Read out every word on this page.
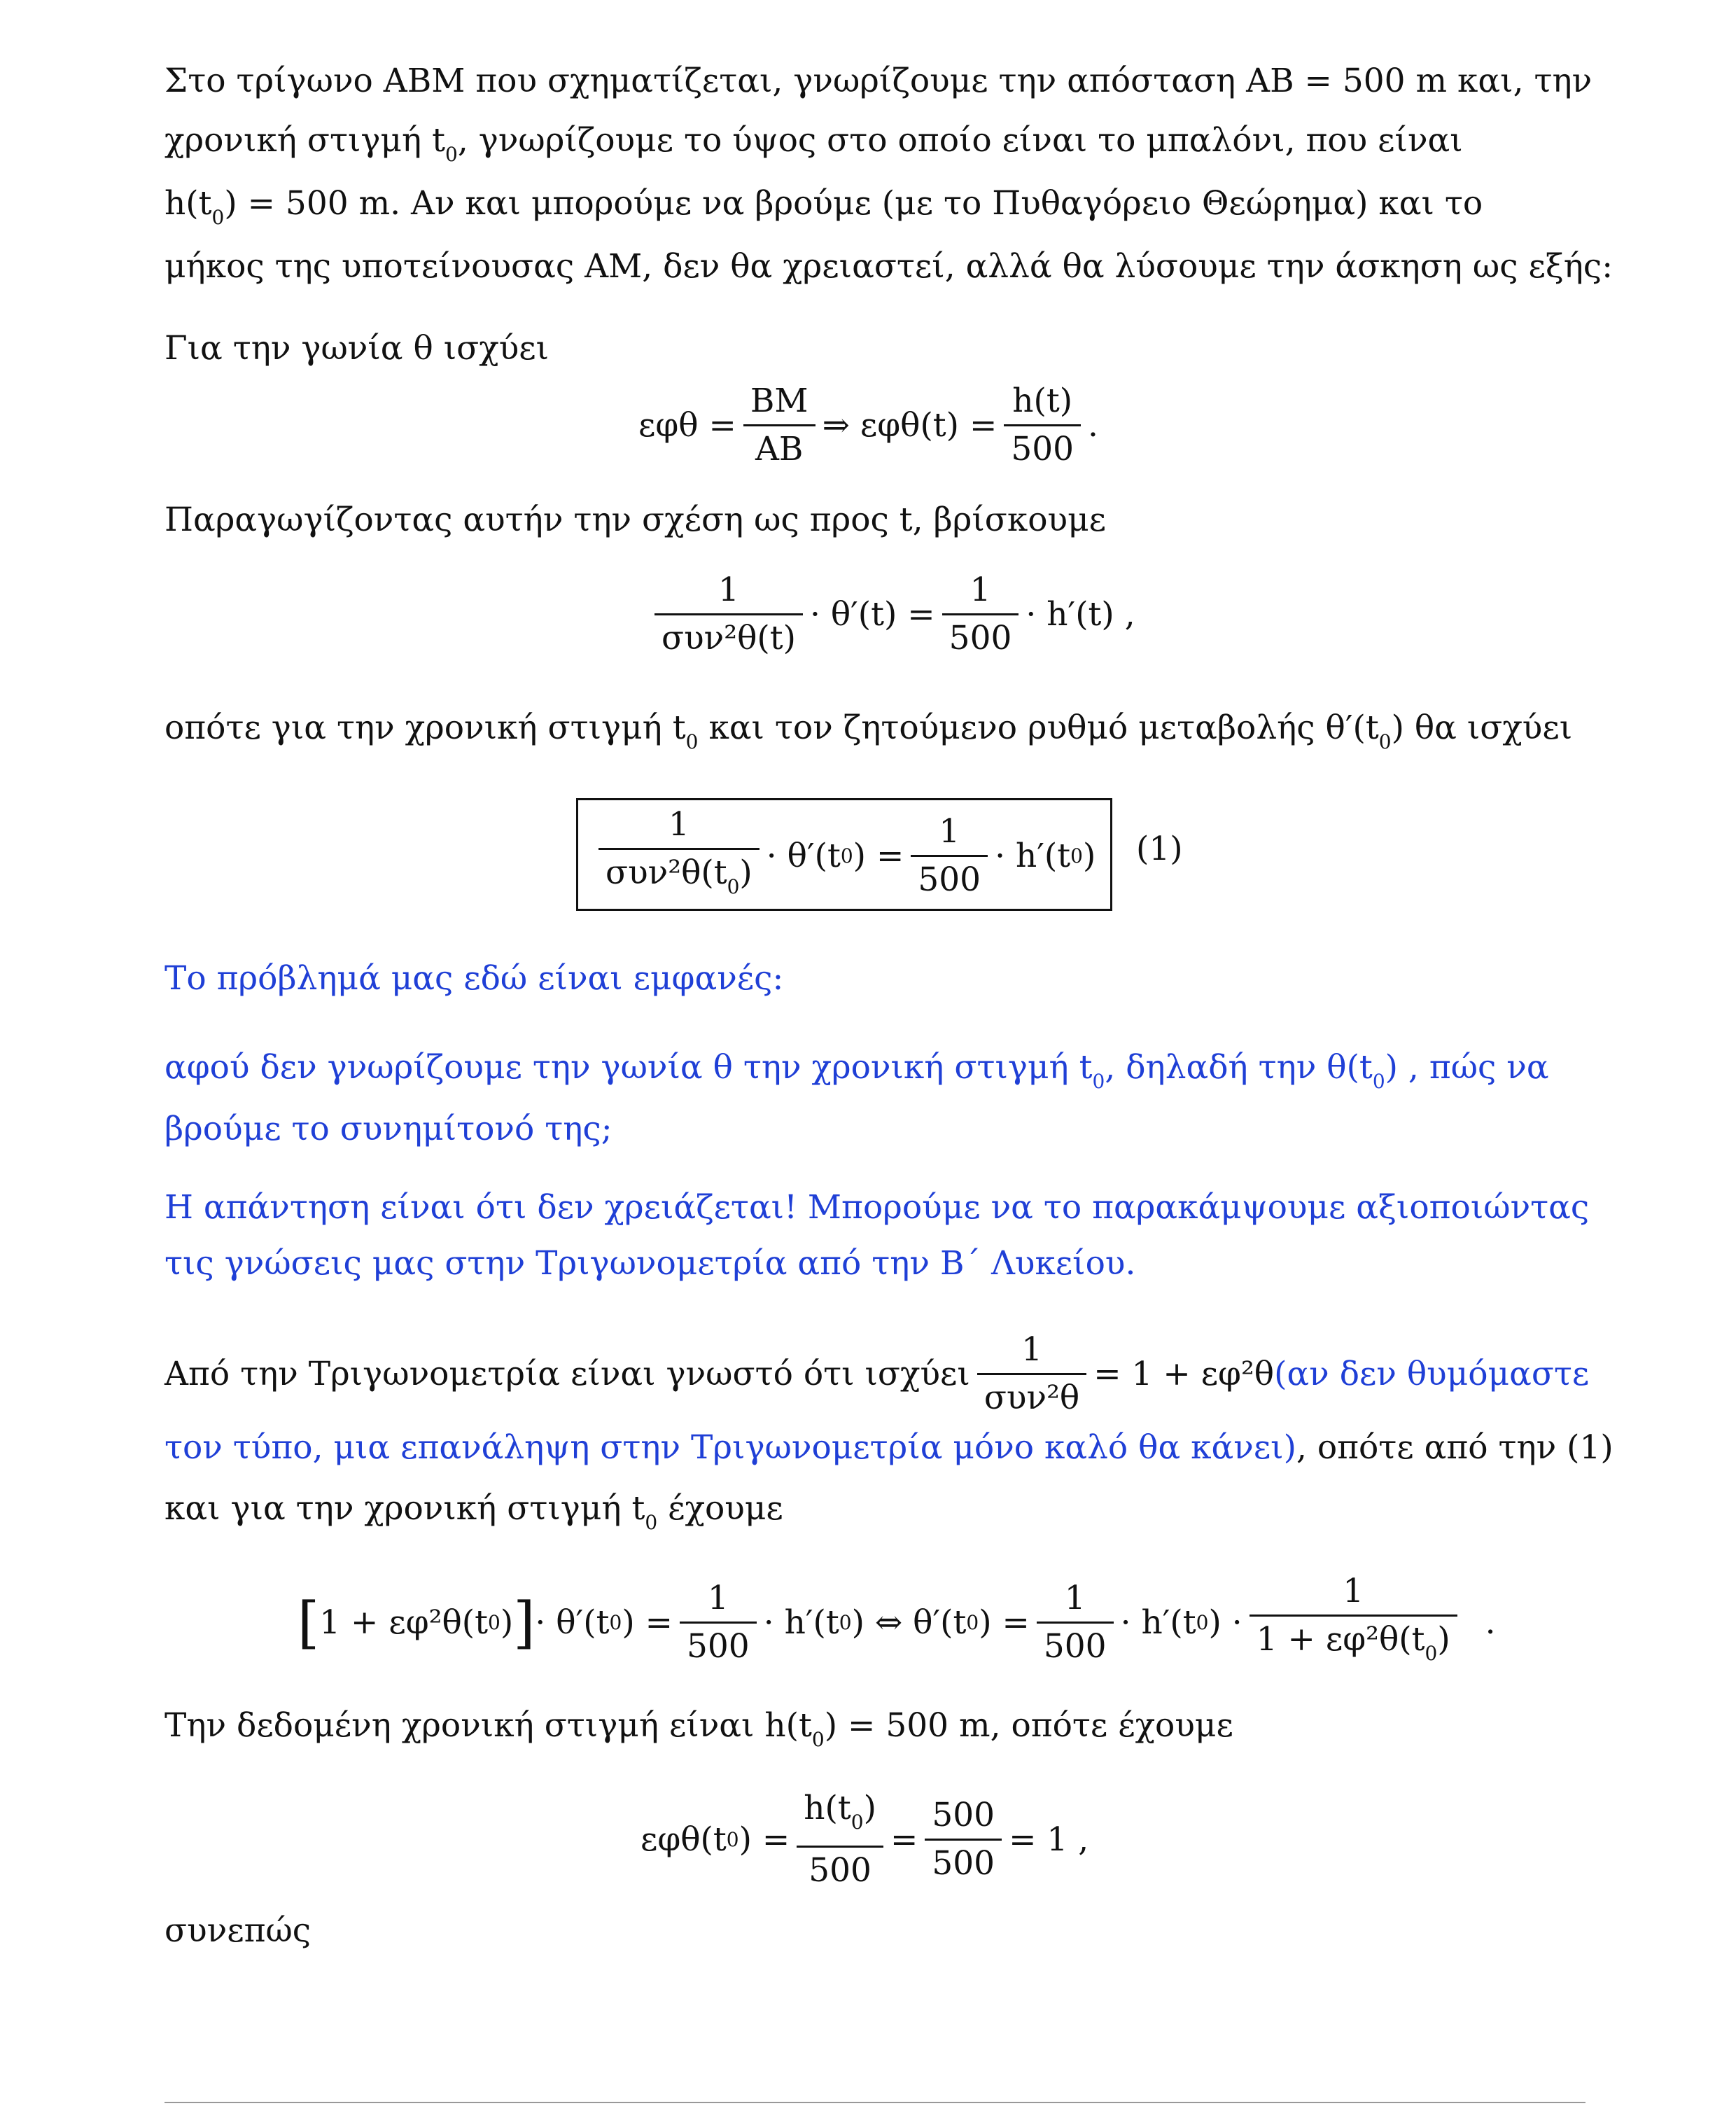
Στο τρίγωνο ΑΒΜ που σχηματίζεται, γνωρίζουμε την απόσταση ΑΒ = 500 m και, την
χρονική στιγμή $t_0$, γνωρίζουμε το ύψος στο οποίο είναι το μπαλόνι, που είναι
$h(t_0) = 500$ m. Αν και μπορούμε να βρούμε (με το Πυθαγόρειο Θεώρημα) και το
μήκος της υποτείνουσας ΑΜ, δεν θα χρειαστεί, αλλά θα λύσουμε την άσκηση ως εξής:
Για την γωνία θ ισχύει
$\varepsilon\varphi\theta = \frac{BM}{AB}$ ⇒ $\varepsilon\varphi\theta(t) = \frac{h(t)}{500}$ .
Παραγωγίζοντας αυτήν την σχέση ως προς t, βρίσκουμε
$\frac{1}{\text{συν²θ(t)}} \cdot \theta'(t) = \frac{1}{500} \cdot h'(t)$ ,
οπότε για την χρονική στιγμή $t_0$ και τον ζητούμενο ρυθμό μεταβολής $\theta'(t_0)$ θα ισχύει
$\frac{1}{\sigma\upsilon\nu^2\theta(t_0)} \cdot \theta'(t$ 0 ) = $\frac{1}{500} \cdot h'(t$ 0 ) (1)
Το πρόβλημά μας εδώ είναι εμφανές:
αφού δεν γνωρίζουμε την γωνία θ την χρονική στιγμή $t_0$, δηλαδή την $\theta(t_0)$ , πώς να
βρούμε το συνημίτονό της;
Η απάντηση είναι ότι δεν χρειάζεται! Μπορούμε να το παρακάμψουμε αξιοποιώντας
τις γνώσεις μας στην Τριγωνομετρία από την Β΄ Λυκείου.
Από την Τριγωνομετρία είναι γνωστό ότι ισχύει $\frac{1}{\text{συν²θ}} = 1 + \varepsilon\varphi^2\theta$ (αν δεν θυμόμαστε
τον τύπο, μια επανάληψη στην Τριγωνομετρία μόνο καλό θα κάνει), οπότε από την (1)
και για την χρονική στιγμή $t_0$ έχουμε
[ 1 + εφ²θ(t 0 ) ] · θ′(t 0 ) = $\frac{1}{500} \cdot h'(t$ 0 ) ⇔ θ′(t 0 ) = $\frac{1}{500} \cdot h'(t$ 0 ) · $\frac{1}{1 + \varepsilon\varphi^2\theta(t_0)}$ .
Την δεδομένη χρονική στιγμή είναι $h(t_0) = 500$ m, οπότε έχουμε
εφθ(t 0 ) = $\frac{h(t_0)}{500} = \frac{500}{500} = 1$ ,
συνεπώς
